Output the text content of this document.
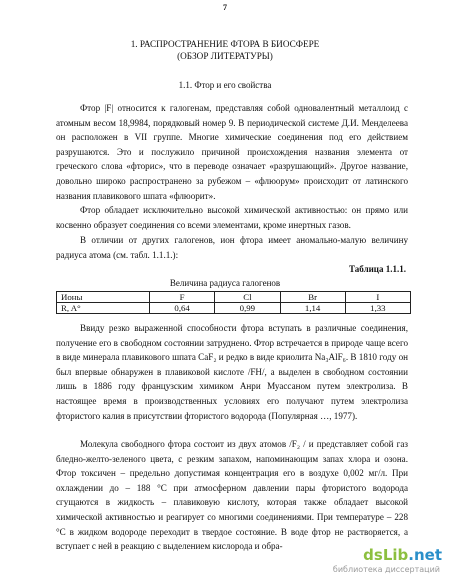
7
1. РАСПРОСТРАНЕНИЕ ФТОРА В БИОСФЕРЕ
(ОБЗОР ЛИТЕРАТУРЫ)
1.1. Фтор и его свойства

Фтор |F| относится к галогенам, представляя собой одновалентный металлоид с атомным весом 18,9984, порядковый номер 9. В периодической системе Д.И. Менделеева он расположен в VII группе. Многие химические соединения под его действием разрушаются. Это и послужило причиной происхождения названия элемента от греческого слова «фторис», что в переводе означает «разрушающий». Другое название, довольно широко распространено за рубежом – «флюорум» происходит от латинского названия плавикового шпата «флюорит».

Фтор обладает исключительно высокой химической активностью: он прямо или косвенно образует соединения со всеми элементами, кроме инертных газов.

В отличии от других галогенов, ион фтора имеет аномально-малую величину радиуса атома (см. табл. 1.1.1.):

Таблица 1.1.1.
Величина радиуса галогенов
Ионы	F	Cl	Br	I
R, A°	0,64	0,99	1,14	1,33

Ввиду резко выраженной способности фтора вступать в различные соединения, получение его в свободном состоянии затруднено. Фтор встречается в природе чаще всего в виде минерала плавикового шпата CaF₂ и редко в виде криолита Na₃AlF₆. В 1810 году он был впервые обнаружен в плавиковой кислоте /FH/, а выделен в свободном состоянии лишь в 1886 году французским химиком Анри Муассаном путем электролиза. В настоящее время в производственных условиях его получают путем электролиза фтористого калия в присутствии фтористого водорода (Популярная …, 1977).

Молекула свободного фтора состоит из двух атомов /F₂ / и представляет собой газ бледно-желто-зеленого цвета, с резким запахом, напоминающим запах хлора и озона. Фтор токсичен – предельно допустимая концентрация его в воздухе 0,002 мг/л. При охлаждении до – 188 °С при атмосферном давлении пары фтористого водорода сгущаются в жидкость – плавиковую кислоту, которая также обладает высокой химической активностью и реагирует со многими соединениями. При температуре – 228 °С в жидком водороде переходит в твердое состояние. В воде фтор не растворяется, а вступает с ней в реакцию с выделением кислорода и обра-	dsLib.net
библиотека диссертаций
